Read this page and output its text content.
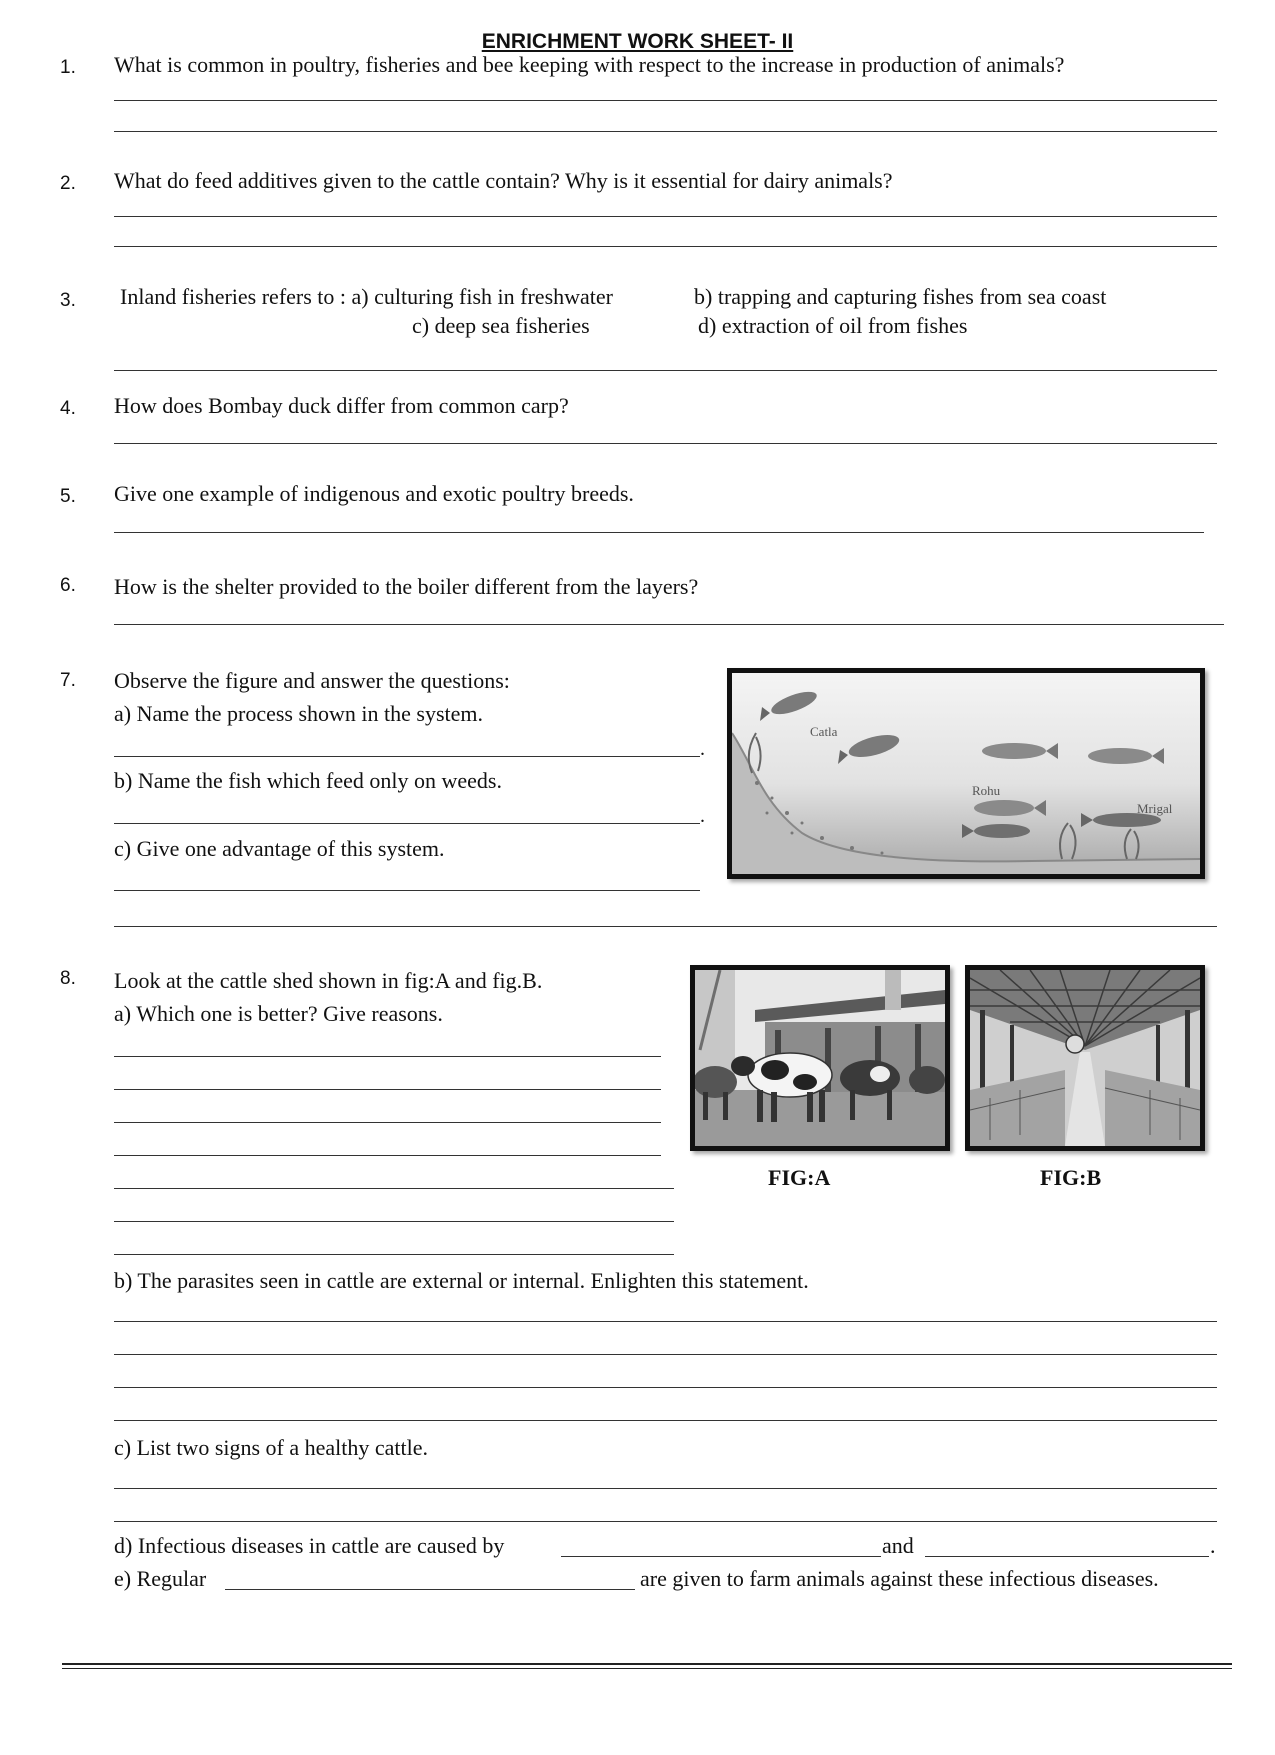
ENRICHMENT WORK SHEET- II
1.	What is common in poultry, fisheries and bee keeping with respect to the increase in production of animals?
2.	What do feed additives given to the cattle contain? Why is it essential for dairy animals?
3.	Inland fisheries refers to : a) culturing fish in freshwater	b) trapping and capturing fishes from sea coast
c) deep sea fisheries	d) extraction of oil from fishes
4.	How does Bombay duck differ from common carp?
5.	Give one example of indigenous and exotic poultry breeds.
6.	How is the shelter provided to the boiler different from the layers?
7.	Observe the figure and answer the questions:
a) Name the process shown in the system.
.
b) Name the fish which feed only on weeds.
.
c) Give one advantage of this system.
Catla
Rohu
Mrigal
8.	Look at the cattle shed shown in fig:A and fig.B.
a) Which one is better? Give reasons.
FIG:A	FIG:B
b) The parasites seen in cattle are external or internal. Enlighten this statement.
c) List two signs of a healthy cattle.
d) Infectious diseases in cattle are caused by	and	.
e) Regular	are given to farm animals against these infectious diseases.
